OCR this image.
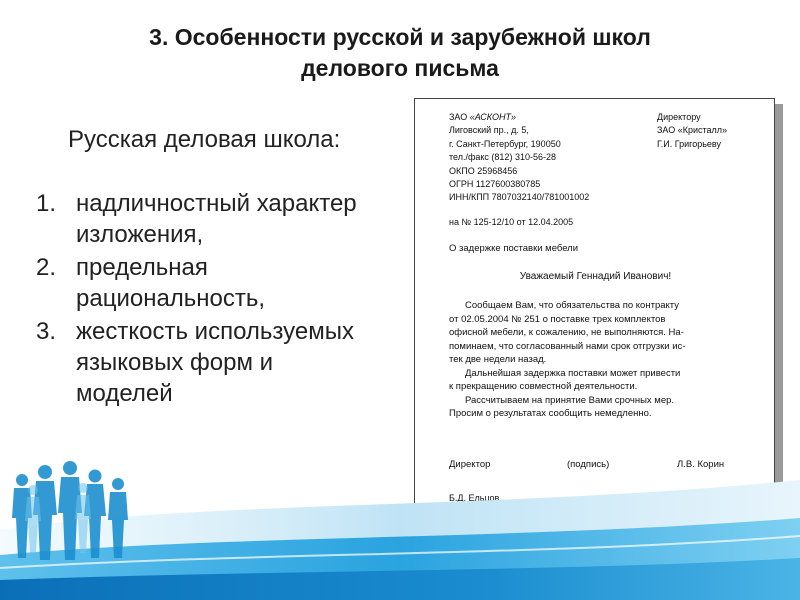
3. Особенности русской и зарубежной школ
делового письма
Русская деловая школа:
1. надличностный характер
изложения,
2. предельная
рациональность,
3. жесткость используемых
языковых форм и
моделей
ЗАО «АСКОНТ»
Лиговский пр., д. 5,
г. Санкт-Петербург, 190050
тел./факс (812) 310-56-28
ОКПО 25968456
ОГРН 1127600380785
ИНН/КПП 7807032140/781001002
Директору
ЗАО «Кристалл»
Г.И. Григорьеву
на № 125-12/10 от 12.04.2005
О задержке поставки мебели
Уважаемый Геннадий Иванович!
Сообщаем Вам, что обязательства по контракту
от 02.05.2004 № 251 о поставке трех комплектов
офисной мебели, к сожалению, не выполняются. На-
поминаем, что согласованный нами срок отгрузки ис-
тек две недели назад.
Дальнейшая задержка поставки может привести
к прекращению совместной деятельности.
Рассчитываем на принятие Вами срочных мер.
Просим о результатах сообщить немедленно.
Директор	(подпись)	Л.В. Корин
Б.Д. Ельцов
